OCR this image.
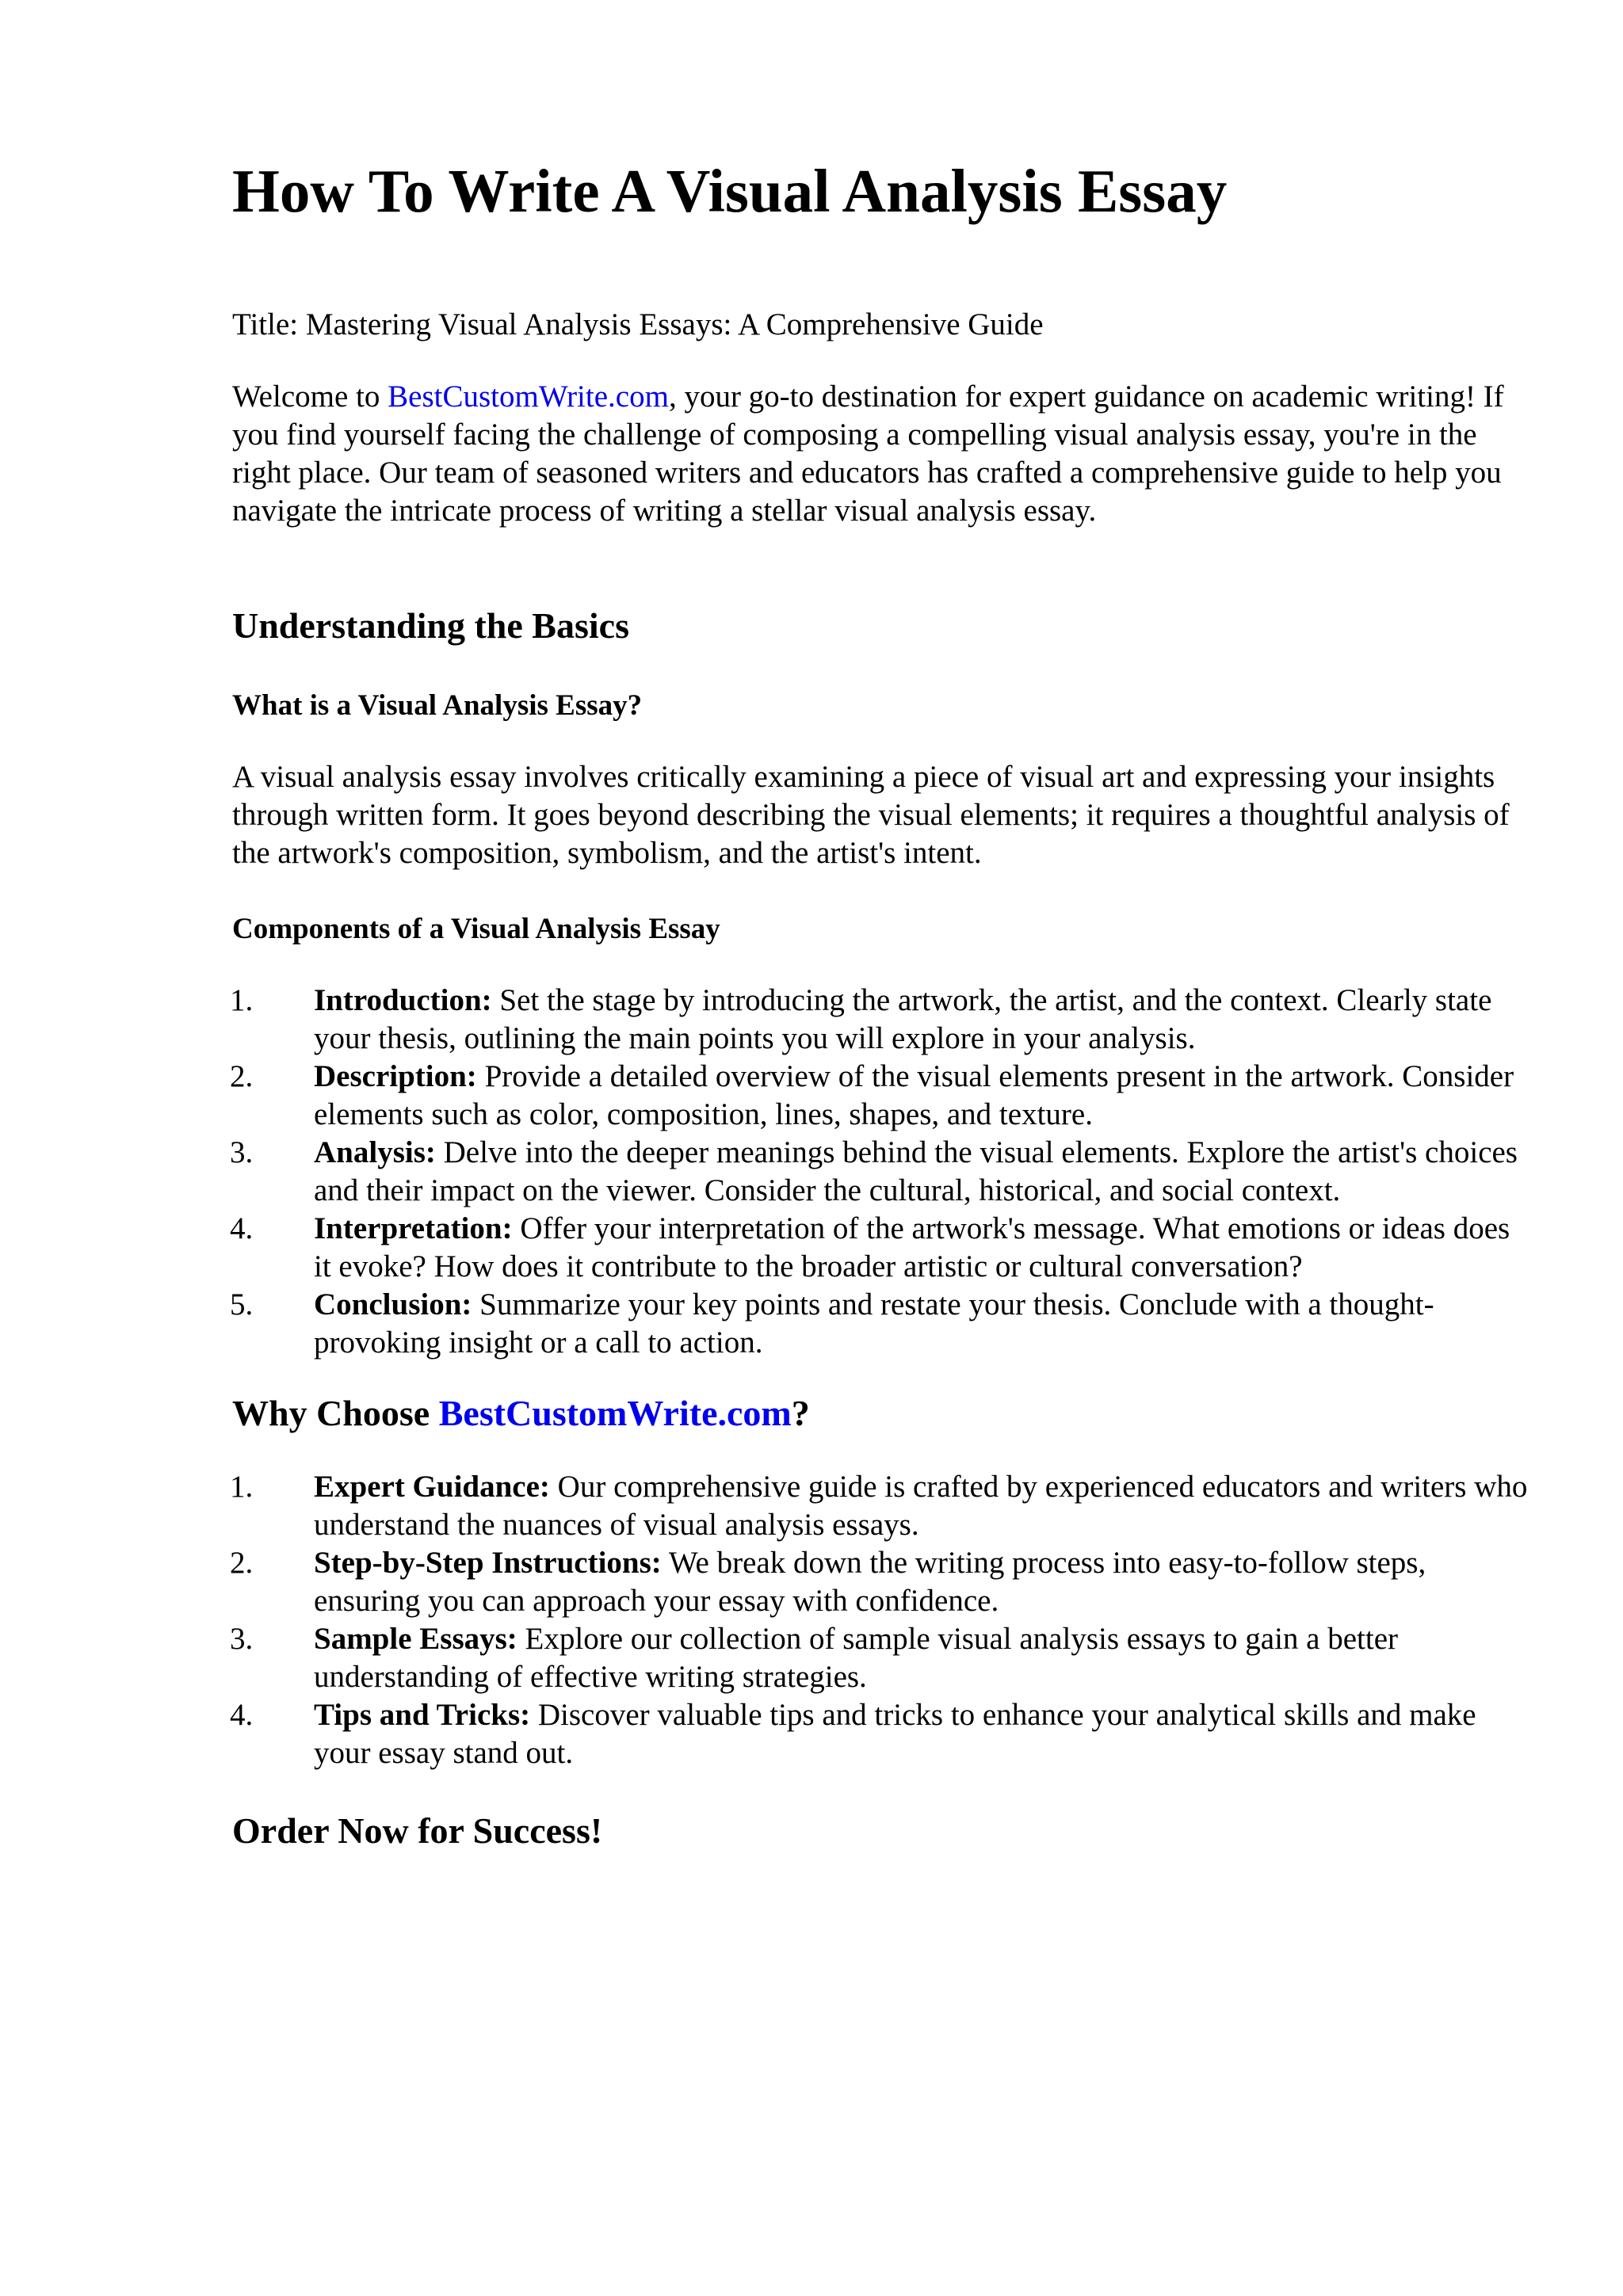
How To Write A Visual Analysis Essay

Title: Mastering Visual Analysis Essays: A Comprehensive Guide

Welcome to BestCustomWrite.com, your go-to destination for expert guidance on academic writing! If you find yourself facing the challenge of composing a compelling visual analysis essay, you're in the right place. Our team of seasoned writers and educators has crafted a comprehensive guide to help you navigate the intricate process of writing a stellar visual analysis essay.

Understanding the Basics
What is a Visual Analysis Essay?

A visual analysis essay involves critically examining a piece of visual art and expressing your insights through written form. It goes beyond describing the visual elements; it requires a thoughtful analysis of the artwork's composition, symbolism, and the artist's intent.

Components of a Visual Analysis Essay
1. Introduction: Set the stage by introducing the artwork, the artist, and the context. Clearly state your thesis, outlining the main points you will explore in your analysis.
2. Description: Provide a detailed overview of the visual elements present in the artwork. Consider elements such as color, composition, lines, shapes, and texture.
3. Analysis: Delve into the deeper meanings behind the visual elements. Explore the artist's choices and their impact on the viewer. Consider the cultural, historical, and social context.
4. Interpretation: Offer your interpretation of the artwork's message. What emotions or ideas does it evoke? How does it contribute to the broader artistic or cultural conversation?
5. Conclusion: Summarize your key points and restate your thesis. Conclude with a thought-provoking insight or a call to action.
Why Choose BestCustomWrite.com?
1. Expert Guidance: Our comprehensive guide is crafted by experienced educators and writers who understand the nuances of visual analysis essays.
2. Step-by-Step Instructions: We break down the writing process into easy-to-follow steps, ensuring you can approach your essay with confidence.
3. Sample Essays: Explore our collection of sample visual analysis essays to gain a better understanding of effective writing strategies.
4. Tips and Tricks: Discover valuable tips and tricks to enhance your analytical skills and make your essay stand out.
Order Now for Success!
